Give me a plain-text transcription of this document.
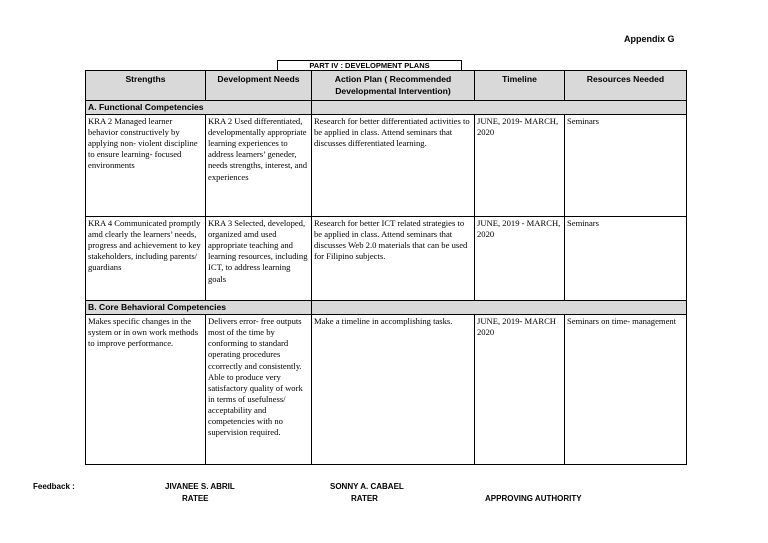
Appendix G
PART IV : DEVELOPMENT PLANS
Strengths	Development Needs	Action Plan ( Recommended Developmental Intervention)	Timeline	Resources Needed
A. Functional Competencies				
KRA 2 Managed learner behavior constructively by applying non- violent discipline to ensure learning- focused environments	KRA 2 Used differentiated, developmentally appropriate learning experiences to address learners’ geneder, needs strengths, interest, and experiences	Research for better differentiated activities to be applied in class. Attend seminars that discusses differentiated learning.	JUNE, 2019- MARCH, 2020	Seminars
KRA 4 Communicated promptly amd clearly the learners’ needs, progress and achievement to key stakeholders, including parents/ guardians	KRA 3 Selected, developed, organized amd used appropriate teaching and learning resources, including ICT, to address learning goals	Research for better ICT related strategies to be applied in class. Attend seminars that discusses Web 2.0 materials that can be used for Filipino subjects.	JUNE, 2019 - MARCH, 2020	Seminars
B. Core Behavioral Competencies				
Makes specific changes in the system or in own work methods to improve performance.	Delivers error- free outputs most of the time by conforming to standard operating procedures ccorrectly and consistently. Able to produce very satisfactory quality of work in terms of usefulness/ acceptability and competencies with no supervision required.	Make a timeline in accomplishing tasks.	JUNE, 2019- MARCH 2020	Seminars on time- management
Feedback :	JIVANEE S. ABRIL
RATEE
SONNY A. CABAEL
RATER	APPROVING AUTHORITY
